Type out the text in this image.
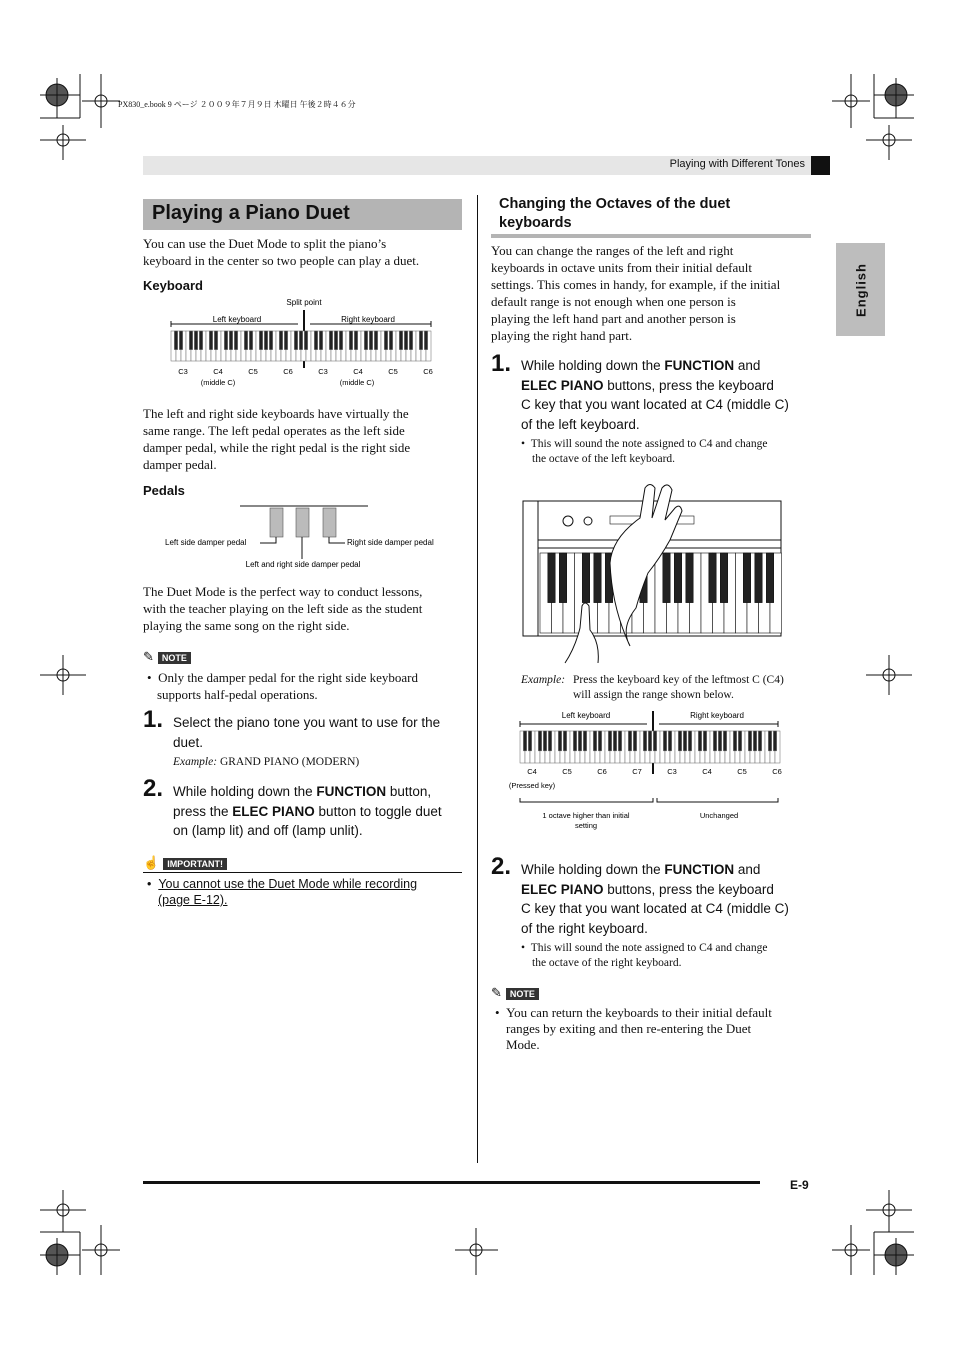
PX830_e.book 9 ページ ２００９年７月９日 木曜日 午後２時４６分
Playing with Different Tones
English
Playing a Piano Duet
You can use the Duet Mode to split the piano’s
keyboard in the center so two people can play a duet.
Keyboard
Split point
Left keyboard	Right keyboard
C3	C4	C5	C6	C3	C4	C5	C6
(middle C)	(middle C)
The left and right side keyboards have virtually the
same range. The left pedal operates as the left side
damper pedal, while the right pedal is the right side
damper pedal.
Pedals
Left side damper pedal	Right side damper pedal
Left and right side damper pedal
The Duet Mode is the perfect way to conduct lessons,
with the teacher playing on the left side as the student
playing the same song on the right side.
✎ NOTE
•  Only the damper pedal for the right side keyboard
supports half-pedal operations.
1. Select the piano tone you want to use for the
duet.
Example: GRAND PIANO (MODERN)
2. While holding down the FUNCTION button,
press the ELEC PIANO button to toggle duet
on (lamp lit) and off (lamp unlit).
☝ IMPORTANT!
•  You cannot use the Duet Mode while recording
(page E-12).
Changing the Octaves of the duet
keyboards
You can change the ranges of the left and right
keyboards in octave units from their initial default
settings. This comes in handy, for example, if the initial
default range is not enough when one person is
playing the left hand part and another person is
playing the right hand part.
1. While holding down the FUNCTION and
ELEC PIANO buttons, press the keyboard
C key that you want located at C4 (middle C)
of the left keyboard.
•  This will sound the note assigned to C4 and change
the octave of the left keyboard.
Example: Press the keyboard key of the leftmost C (C4)
will assign the range shown below.
Left keyboard	Right keyboard
C4	C5	C6	C7	C3	C4	C5	C6
(Pressed key)
1 octave higher than initial
setting
Unchanged
2. While holding down the FUNCTION and
ELEC PIANO buttons, press the keyboard
C key that you want located at C4 (middle C)
of the right keyboard.
•  This will sound the note assigned to C4 and change
the octave of the right keyboard.
✎ NOTE
•  You can return the keyboards to their initial default
ranges by exiting and then re-entering the Duet
Mode.
E-9
